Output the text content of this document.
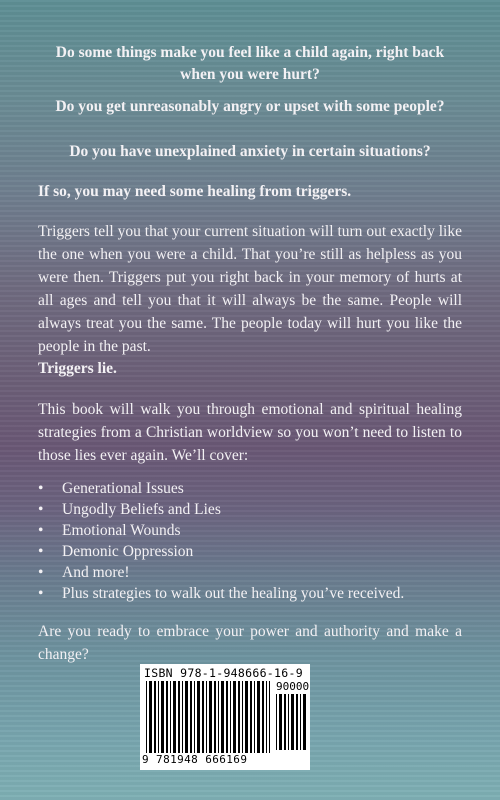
Do some things make you feel like a child again, right back when you were hurt?
Do you get unreasonably angry or upset with some people?
Do you have unexplained anxiety in certain situations?
If so, you may need some healing from triggers.
Triggers tell you that your current situation will turn out exactly like the one when you were a child. That you’re still as helpless as you were then. Triggers put you right back in your memory of hurts at all ages and tell you that it will always be the same. People will always treat you the same. The people today will hurt you like the people in the past.
Triggers lie.
This book will walk you through emotional and spiritual healing strategies from a Christian worldview so you won’t need to listen to those lies ever again. We’ll cover:
• Generational Issues
• Ungodly Beliefs and Lies
• Emotional Wounds
• Demonic Oppression
• And more!
• Plus strategies to walk out the healing you’ve received.
Are you ready to embrace your power and authority and make a change?
ISBN 978-1-948666-16-9
90000
9 781948 666169
